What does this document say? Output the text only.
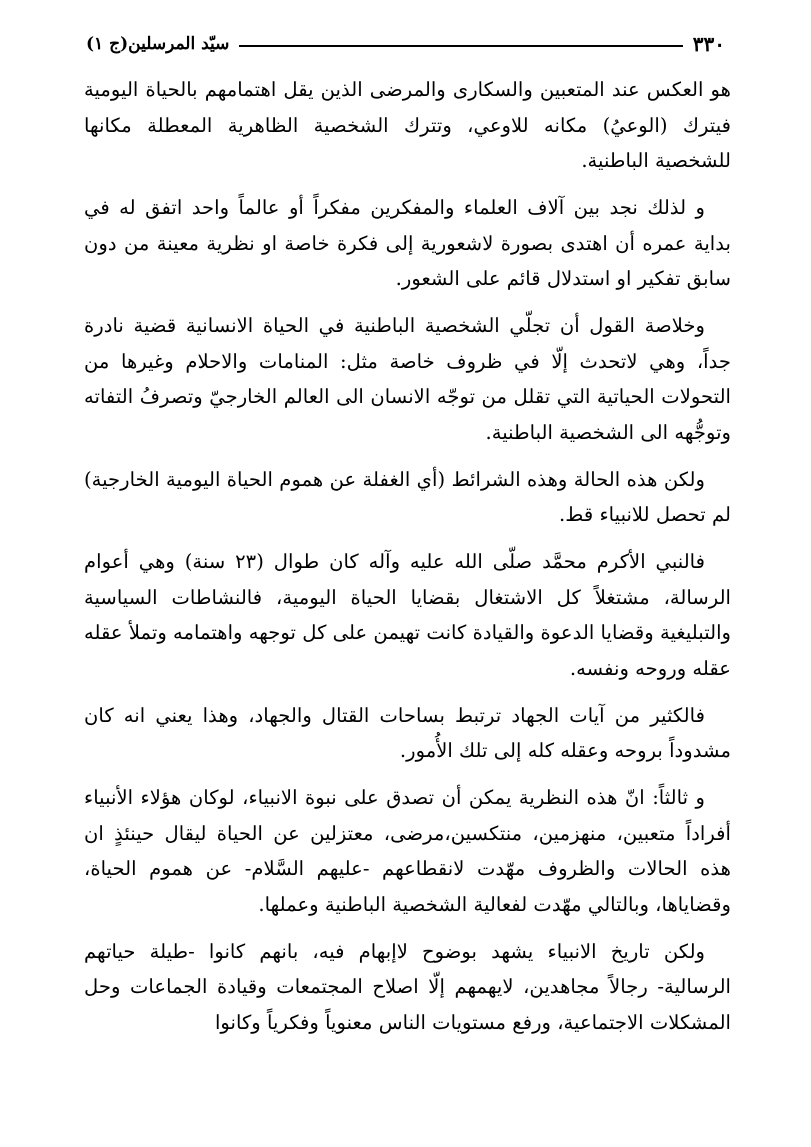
سيّد المرسلين(ج ١)	٣٣٠

هو العكس عند المتعبين والسكارى والمرضى الذين يقل اهتمامهم بالحياة اليومية فيترك (الوعيُ) مكانه للاوعي، وتترك الشخصية الظاهرية المعطلة مكانها للشخصية الباطنية.

و لذلك نجد بين آلاف العلماء والمفكرين مفكراً أو عالماً واحد اتفق له في بداية عمره أن اهتدى بصورة لاشعورية إلى فكرة خاصة او نظرية معينة من دون سابق تفكير او استدلال قائم على الشعور.

وخلاصة القول أن تجلّي الشخصية الباطنية في الحياة الانسانية قضية نادرة جداً، وهي لاتحدث إلّا في ظروف خاصة مثل: المنامات والاحلام وغيرها من التحولات الحياتية التي تقلل من توجّه الانسان الى العالم الخارجيّ وتصرفُ التفاته وتوجُّهه الى الشخصية الباطنية.

ولكن هذه الحالة وهذه الشرائط (أي الغفلة عن هموم الحياة اليومية الخارجية) لم تحصل للانبياء قط.

فالنبي الأكرم محمَّد صلّى الله عليه وآله كان طوال (٢٣ سنة) وهي أعوام الرسالة، مشتغلاً كل الاشتغال بقضايا الحياة اليومية، فالنشاطات السياسية والتبليغية وقضايا الدعوة والقيادة كانت تهيمن على كل توجهه واهتمامه وتملأ عقله عقله وروحه ونفسه.

فالكثير من آيات الجهاد ترتبط بساحات القتال والجهاد، وهذا يعني انه كان مشدوداً بروحه وعقله كله إلى تلك الأُمور.

و ثالثاً: انّ هذه النظرية يمكن أن تصدق على نبوة الانبياء، لوكان هؤلاء الأنبياء أفراداً متعبين، منهزمين، منتكسين،مرضى، معتزلين عن الحياة ليقال حينئذٍ ان هذه الحالات والظروف مهّدت لانقطاعهم -عليهم السَّلام- عن هموم الحياة، وقضاياها، وبالتالي مهّدت لفعالية الشخصية الباطنية وعملها.

ولكن تاريخ الانبياء يشهد بوضوح لاإبهام فيه، بانهم كانوا -طيلة حياتهم الرسالية- رجالاً مجاهدين، لايهمهم إلّا اصلاح المجتمعات وقيادة الجماعات وحل المشكلات الاجتماعية، ورفع مستويات الناس معنوياً وفكرياً وكانوا
